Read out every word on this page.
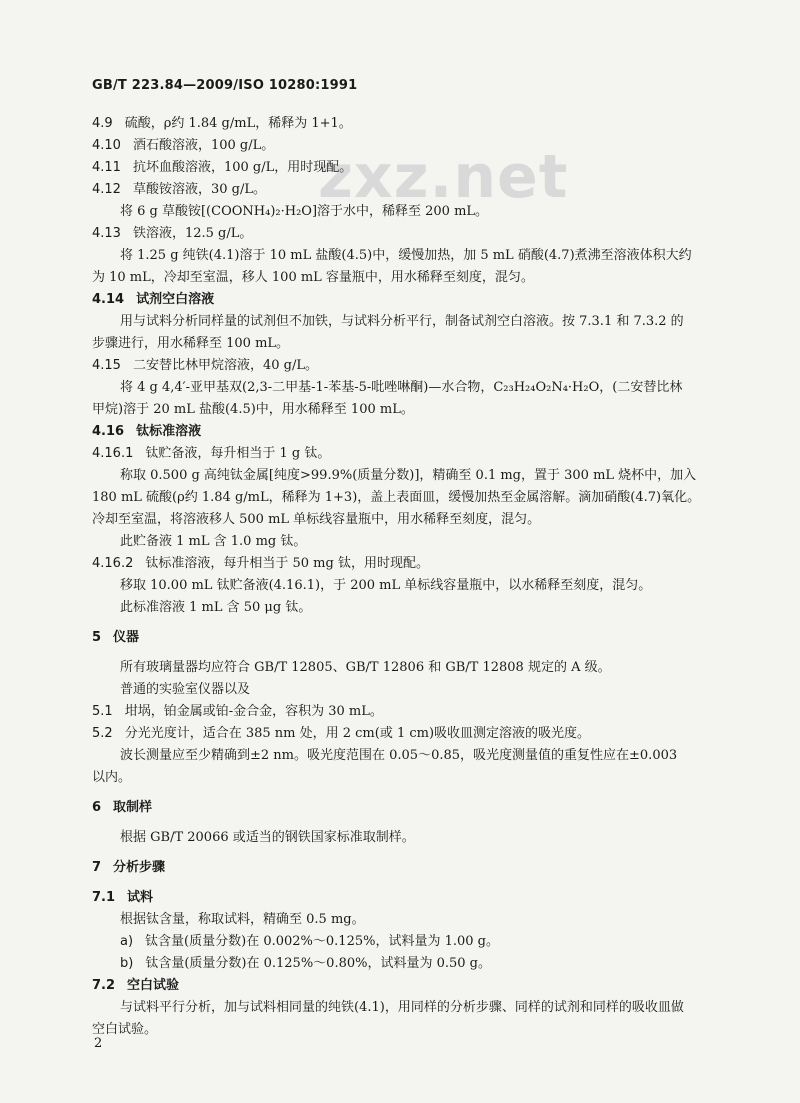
GB/T 223.84—2009/ISO 10280:1991
zxz.net
4.9 硫酸，ρ约 1.84 g/mL，稀释为 1+1。
4.10 酒石酸溶液，100 g/L。
4.11 抗坏血酸溶液，100 g/L，用时现配。
4.12 草酸铵溶液，30 g/L。
将 6 g 草酸铵[(COONH₄)₂·H₂O]溶于水中，稀释至 200 mL。
4.13 铁溶液，12.5 g/L。
将 1.25 g 纯铁(4.1)溶于 10 mL 盐酸(4.5)中，缓慢加热，加 5 mL 硝酸(4.7)煮沸至溶液体积大约
为 10 mL，冷却至室温，移人 100 mL 容量瓶中，用水稀释至刻度，混匀。
4.14 试剂空白溶液
用与试料分析同样量的试剂但不加铁，与试料分析平行，制备试剂空白溶液。按 7.3.1 和 7.3.2 的
步骤进行，用水稀释至 100 mL。
4.15 二安替比林甲烷溶液，40 g/L。
将 4 g 4,4′-亚甲基双(2,3-二甲基-1-苯基-5-吡唑啉酮)—水合物，C₂₃H₂₄O₂N₄·H₂O，(二安替比林
甲烷)溶于 20 mL 盐酸(4.5)中，用水稀释至 100 mL。
4.16 钛标准溶液
4.16.1 钛贮备液，每升相当于 1 g 钛。
称取 0.500 g 高纯钛金属[纯度>99.9%(质量分数)]，精确至 0.1 mg，置于 300 mL 烧杯中，加入
180 mL 硫酸(ρ约 1.84 g/mL，稀释为 1+3)，盖上表面皿，缓慢加热至金属溶解。滴加硝酸(4.7)氧化。
冷却至室温，将溶液移人 500 mL 单标线容量瓶中，用水稀释至刻度，混匀。
此贮备液 1 mL 含 1.0 mg 钛。
4.16.2 钛标准溶液，每升相当于 50 mg 钛，用时现配。
移取 10.00 mL 钛贮备液(4.16.1)，于 200 mL 单标线容量瓶中，以水稀释至刻度，混匀。
此标准溶液 1 mL 含 50 μg 钛。
5 仪器
所有玻璃量器均应符合 GB/T 12805、GB/T 12806 和 GB/T 12808 规定的 A 级。
普通的实验室仪器以及
5.1 坩埚，铂金属或铂-金合金，容积为 30 mL。
5.2 分光光度计，适合在 385 nm 处，用 2 cm(或 1 cm)吸收皿测定溶液的吸光度。
波长测量应至少精确到±2 nm。吸光度范围在 0.05～0.85，吸光度测量值的重复性应在±0.003
以内。
6 取制样
根据 GB/T 20066 或适当的钢铁国家标准取制样。
7 分析步骤
7.1 试料
根据钛含量，称取试料，精确至 0.5 mg。
a) 钛含量(质量分数)在 0.002%～0.125%，试料量为 1.00 g。
b) 钛含量(质量分数)在 0.125%～0.80%，试料量为 0.50 g。
7.2 空白试验
与试料平行分析，加与试料相同量的纯铁(4.1)，用同样的分析步骤、同样的试剂和同样的吸收皿做
空白试验。
2
